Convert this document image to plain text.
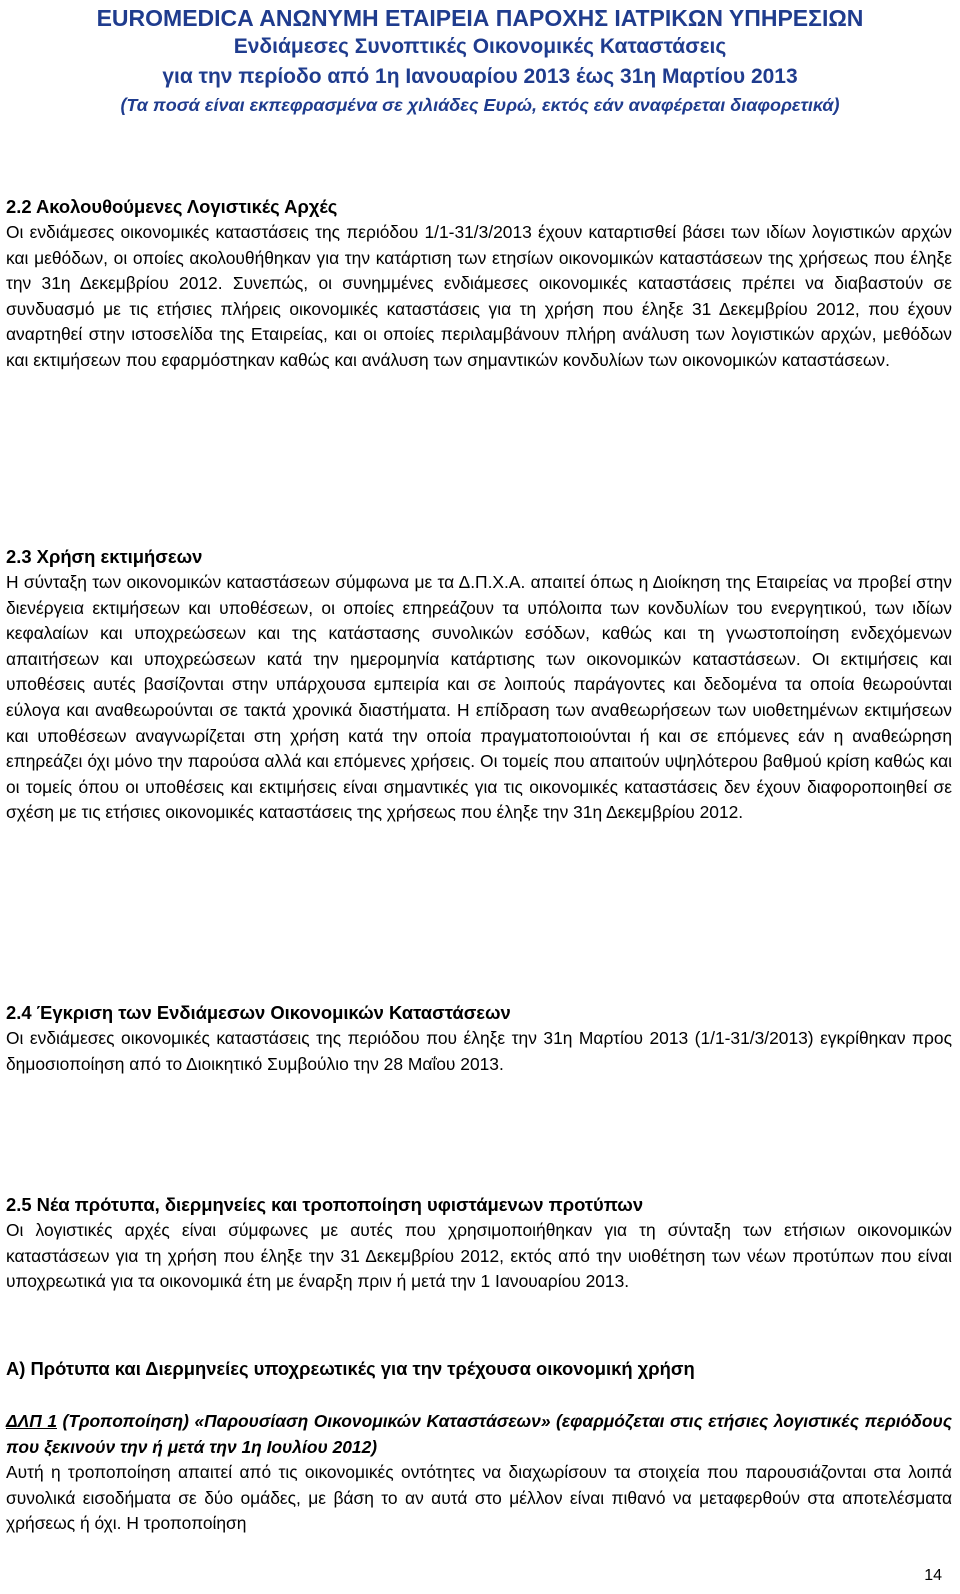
EUROMEDICA ΑΝΩΝΥΜΗ ΕΤΑΙΡΕΙΑ ΠΑΡΟΧΗΣ ΙΑΤΡΙΚΩΝ ΥΠΗΡΕΣΙΩΝ
Ενδιάμεσες Συνοπτικές Οικονομικές Καταστάσεις
για την περίοδο από 1η Ιανουαρίου 2013 έως 31η Μαρτίου 2013
(Τα ποσά είναι εκπεφρασμένα σε χιλιάδες Ευρώ, εκτός εάν αναφέρεται διαφορετικά)
2.2 Ακολουθούμενες Λογιστικές Αρχές

Οι ενδιάμεσες οικονομικές καταστάσεις της περιόδου 1/1-31/3/2013 έχουν καταρτισθεί βάσει των ιδίων λογιστικών αρχών και μεθόδων, οι οποίες ακολουθήθηκαν για την κατάρτιση των ετησίων οικονομικών καταστάσεων της χρήσεως που έληξε την 31η Δεκεμβρίου 2012. Συνεπώς, οι συνημμένες ενδιάμεσες οικονομικές καταστάσεις πρέπει να διαβαστούν σε συνδυασμό με τις ετήσιες πλήρεις οικονομικές καταστάσεις για τη χρήση που έληξε 31 Δεκεμβρίου 2012, που έχουν αναρτηθεί στην ιστοσελίδα της Εταιρείας, και οι οποίες περιλαμβάνουν πλήρη ανάλυση των λογιστικών αρχών, μεθόδων και εκτιμήσεων που εφαρμόστηκαν καθώς και ανάλυση των σημαντικών κονδυλίων των οικονομικών καταστάσεων.

2.3 Χρήση εκτιμήσεων

Η σύνταξη των οικονομικών καταστάσεων σύμφωνα με τα Δ.Π.Χ.Α. απαιτεί όπως η Διοίκηση της Εταιρείας να προβεί στην διενέργεια εκτιμήσεων και υποθέσεων, οι οποίες επηρεάζουν τα υπόλοιπα των κονδυλίων του ενεργητικού, των ιδίων κεφαλαίων και υποχρεώσεων και της κατάστασης συνολικών εσόδων, καθώς και τη γνωστοποίηση ενδεχόμενων απαιτήσεων και υποχρεώσεων κατά την ημερομηνία κατάρτισης των οικονομικών καταστάσεων. Οι εκτιμήσεις και υποθέσεις αυτές βασίζονται στην υπάρχουσα εμπειρία και σε λοιπούς παράγοντες και δεδομένα τα οποία θεωρούνται εύλογα και αναθεωρούνται σε τακτά χρονικά διαστήματα. Η επίδραση των αναθεωρήσεων των υιοθετημένων εκτιμήσεων και υποθέσεων αναγνωρίζεται στη χρήση κατά την οποία πραγματοποιούνται ή και σε επόμενες εάν η αναθεώρηση επηρεάζει όχι μόνο την παρούσα αλλά και επόμενες χρήσεις. Οι τομείς που απαιτούν υψηλότερου βαθμού κρίση καθώς και οι τομείς όπου οι υποθέσεις και εκτιμήσεις είναι σημαντικές για τις οικονομικές καταστάσεις δεν έχουν διαφοροποιηθεί σε σχέση με τις ετήσιες οικονομικές καταστάσεις της χρήσεως που έληξε την 31η Δεκεμβρίου 2012.

2.4 Έγκριση των Ενδιάμεσων Οικονομικών Καταστάσεων

Οι ενδιάμεσες οικονομικές καταστάσεις της περιόδου που έληξε την 31η Μαρτίου 2013 (1/1-31/3/2013) εγκρίθηκαν προς δημοσιοποίηση από το Διοικητικό Συμβούλιο την 28 Μαΐου 2013.

2.5 Νέα πρότυπα, διερμηνείες και τροποποίηση υφιστάμενων προτύπων

Οι λογιστικές αρχές είναι σύμφωνες με αυτές που χρησιμοποιήθηκαν για τη σύνταξη των ετήσιων οικονομικών καταστάσεων για τη χρήση που έληξε την 31 Δεκεμβρίου 2012, εκτός από την υιοθέτηση των νέων προτύπων που είναι υποχρεωτικά για τα οικονομικά έτη με έναρξη πριν ή μετά την 1 Ιανουαρίου 2013.

Α) Πρότυπα και Διερμηνείες υποχρεωτικές για την τρέχουσα οικονομική χρήση
ΔΛΠ 1 (Τροποποίηση) «Παρουσίαση Οικονομικών Καταστάσεων» (εφαρμόζεται στις ετήσιες λογιστικές περιόδους που ξεκινούν την ή μετά την 1η Ιουλίου 2012)

Αυτή η τροποποίηση απαιτεί από τις οικονομικές οντότητες να διαχωρίσουν τα στοιχεία που παρουσιάζονται στα λοιπά συνολικά εισοδήματα σε δύο ομάδες, με βάση το αν αυτά στο μέλλον είναι πιθανό να μεταφερθούν στα αποτελέσματα χρήσεως ή όχι. Η τροποποίηση

14
